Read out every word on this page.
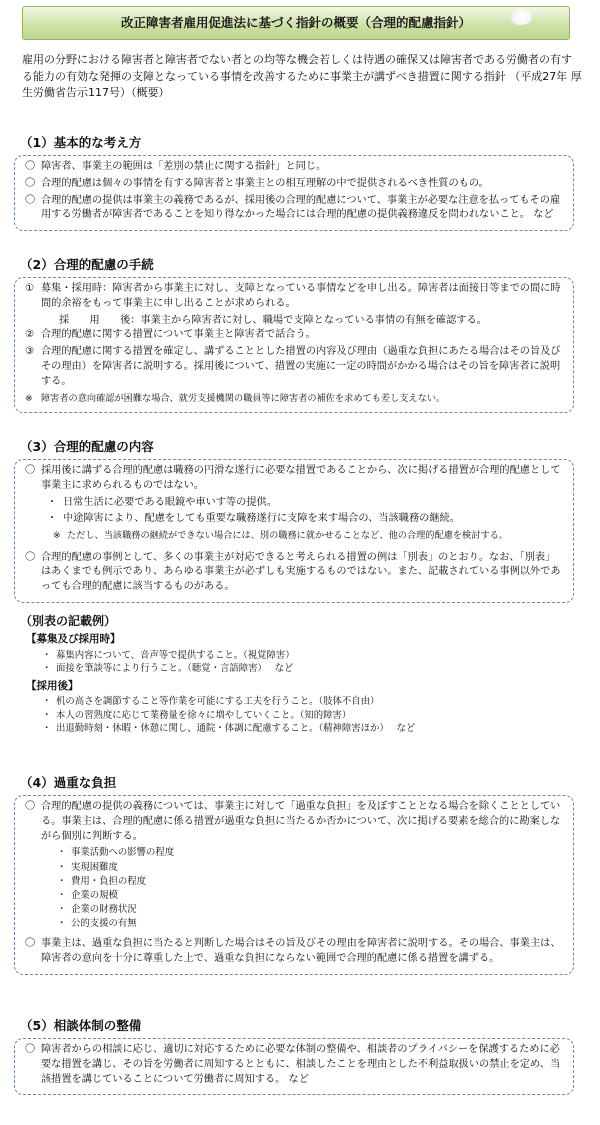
改正障害者雇用促進法に基づく指針の概要（合理的配慮指針）
雇用の分野における障害者と障害者でない者との均等な機会若しくは待遇の確保又は障害者である労働者の有する能力の有効な発揮の支障となっている事情を改善するために事業主が講ずべき措置に関する指針 （平成27年 厚生労働省告示117号）（概要）
（1）基本的な考え方
〇 障害者、事業主の範囲は「差別の禁止に関する指針」と同じ。
〇 合理的配慮は個々の事情を有する障害者と事業主との相互理解の中で提供されるべき性質のもの。
〇 合理的配慮の提供は事業主の義務であるが、採用後の合理的配慮について、事業主が必要な注意を払ってもその雇用する労働者が障害者であることを知り得なかった場合には合理的配慮の提供義務違反を問われないこと。 など
（2）合理的配慮の手続
① 募集・採用時：障害者から事業主に対し、支障となっている事情などを申し出る。障害者は面接日等までの間に時間的余裕をもって事業主に申し出ることが求められる。
採　　用　　後：事業主から障害者に対し、職場で支障となっている事情の有無を確認する。
② 合理的配慮に関する措置について事業主と障害者で話合う。
③ 合理的配慮に関する措置を確定し、講ずることとした措置の内容及び理由（過重な負担にあたる場合はその旨及びその理由）を障害者に説明する。採用後について、措置の実施に一定の時間がかかる場合はその旨を障害者に説明する。
※ 障害者の意向確認が困難な場合、就労支援機関の職員等に障害者の補佐を求めても差し支えない。
（3）合理的配慮の内容
〇 採用後に講ずる合理的配慮は職務の円滑な遂行に必要な措置であることから、次に掲げる措置が合理的配慮として事業主に求められるものではない。
・ 日常生活に必要である眼鏡や車いす等の提供。
・ 中途障害により、配慮をしても重要な職務遂行に支障を来す場合の、当該職務の継続。
※ ただし、当該職務の継続ができない場合には、別の職務に就かせることなど、他の合理的配慮を検討する。
〇 合理的配慮の事例として、多くの事業主が対応できると考えられる措置の例は「別表」のとおり。なお、「別表」はあくまでも例示であり、あらゆる事業主が必ずしも実施するものではない。また、記載されている事例以外であっても合理的配慮に該当するものがある。
（別表の記載例）
【募集及び採用時】
・ 募集内容について、音声等で提供すること。（視覚障害）
・ 面接を筆談等により行うこと。（聴覚・言語障害）　 など
【採用後】
・ 机の高さを調節すること等作業を可能にする工夫を行うこと。（肢体不自由）
・ 本人の習熟度に応じて業務量を徐々に増やしていくこと。（知的障害）
・ 出退勤時刻・休暇・休憩に関し、通院・体調に配慮すること。（精神障害ほか）　 など
（4）過重な負担
〇 合理的配慮の提供の義務については、事業主に対して「過重な負担」を及ぼすこととなる場合を除くこととしている。事業主は、合理的配慮に係る措置が過重な負担に当たるか否かについて、次に掲げる要素を総合的に勘案しながら個別に判断する。
・ 事業活動への影響の程度
・ 実現困難度
・ 費用・負担の程度
・ 企業の規模
・ 企業の財務状況
・ 公的支援の有無
〇 事業主は、過重な負担に当たると判断した場合はその旨及びその理由を障害者に説明する。その場合、事業主は、障害者の意向を十分に尊重した上で、過重な負担にならない範囲で合理的配慮に係る措置を講ずる。
（5）相談体制の整備
〇 障害者からの相談に応じ、適切に対応するために必要な体制の整備や、相談者のプライバシーを保護するために必要な措置を講じ、その旨を労働者に周知するとともに、相談したことを理由とした不利益取扱いの禁止を定め、当該措置を講じていることについて労働者に周知する。 など
